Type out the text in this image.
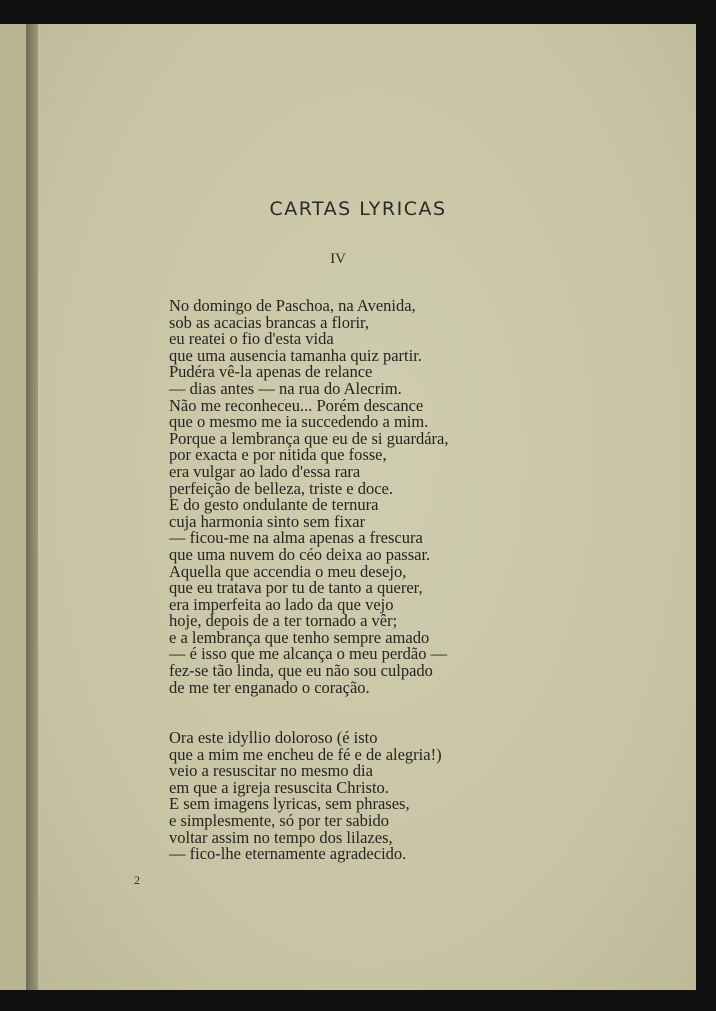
CARTAS LYRICAS
IV
No domingo de Paschoa, na Avenida,
sob as acacias brancas a florir,
eu reatei o fio d'esta vida
que uma ausencia tamanha quiz partir.
Pudéra vê-la apenas de relance
— dias antes — na rua do Alecrim.
Não me reconheceu... Porém descance
que o mesmo me ia succedendo a mim.
Porque a lembrança que eu de si guardára,
por exacta e por nitida que fosse,
era vulgar ao lado d'essa rara
perfeição de belleza, triste e doce.
E do gesto ondulante de ternura
cuja harmonia sinto sem fixar
— ficou-me na alma apenas a frescura
que uma nuvem do céo deixa ao passar.
Aquella que accendia o meu desejo,
que eu tratava por tu de tanto a querer,
era imperfeita ao lado da que vejo
hoje, depois de a ter tornado a vêr;
e a lembrança que tenho sempre amado
— é isso que me alcança o meu perdão —
fez-se tão linda, que eu não sou culpado
de me ter enganado o coração.
Ora este idyllio doloroso (é isto
que a mim me encheu de fé e de alegria!)
veio a resuscitar no mesmo dia
em que a igreja resuscita Christo.
E sem imagens lyricas, sem phrases,
e simplesmente, só por ter sabido
voltar assim no tempo dos lilazes,
— fico-lhe eternamente agradecido.
2
